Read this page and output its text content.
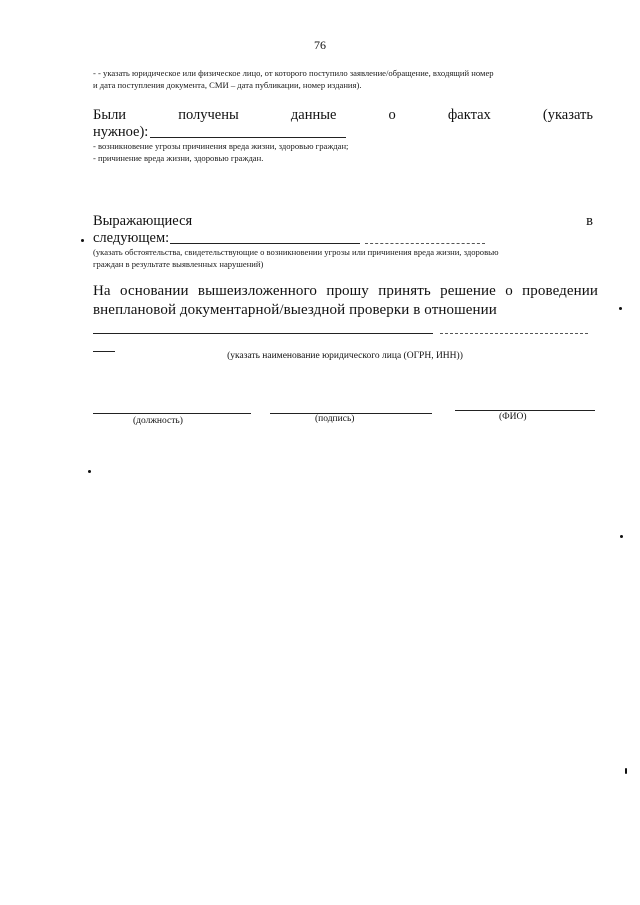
76
- - указать юридическое или физическое лицо, от которого поступило заявление/обращение, входящий номер
и дата поступления документа, СМИ – дата публикации, номер издания).
Были	получены	данные	о	фактах	(указать
нужное):
- возникновение угрозы причинения вреда жизни, здоровью граждан;
- причинение вреда жизни, здоровью граждан.
Выражающиеся	в
следующем:
(указать обстоятельства, свидетельствующие о возникновении угрозы или причинения вреда жизни, здоровью
граждан в результате выявленных нарушений)
На основании вышеизложенного прошу принять решение о проведении
внеплановой документарной/выездной проверки в отношении
(указать наименование юридического лица (ОГРН, ИНН))
(должность)	(подпись)	(ФИО)
